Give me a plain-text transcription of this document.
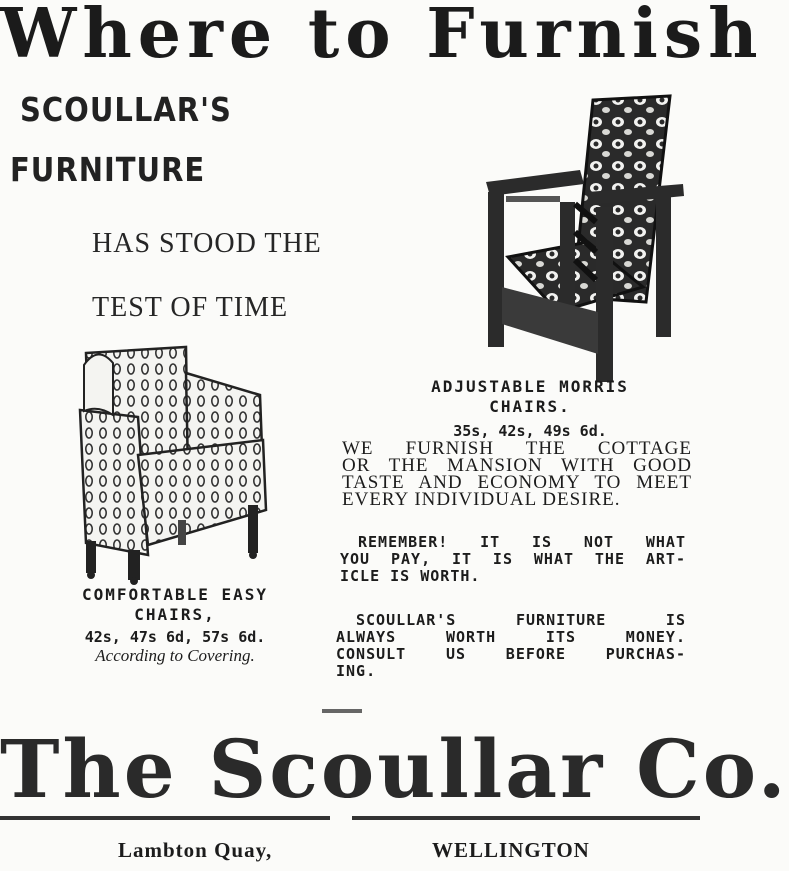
Where to Furnish
SCOULLAR'S
FURNITURE
HAS STOOD THE
TEST OF TIME
ADJUSTABLE MORRIS
CHAIRS.
35s, 42s, 49s 6d.
WE FURNISH THE COTTAGE
OR THE MANSION WITH GOOD
TASTE AND ECONOMY TO MEET
EVERY INDIVIDUAL DESIRE.
REMEMBER! IT IS NOT WHAT
YOU PAY, IT IS WHAT THE ART-
ICLE IS WORTH.
SCOULLAR'S FURNITURE IS
ALWAYS WORTH ITS MONEY.
CONSULT US BEFORE PURCHAS-
ING.
COMFORTABLE EASY
CHAIRS,
42s, 47s 6d, 57s 6d.
According to Covering.
The Scoullar Co.
Lambton Quay,	WELLINGTON
